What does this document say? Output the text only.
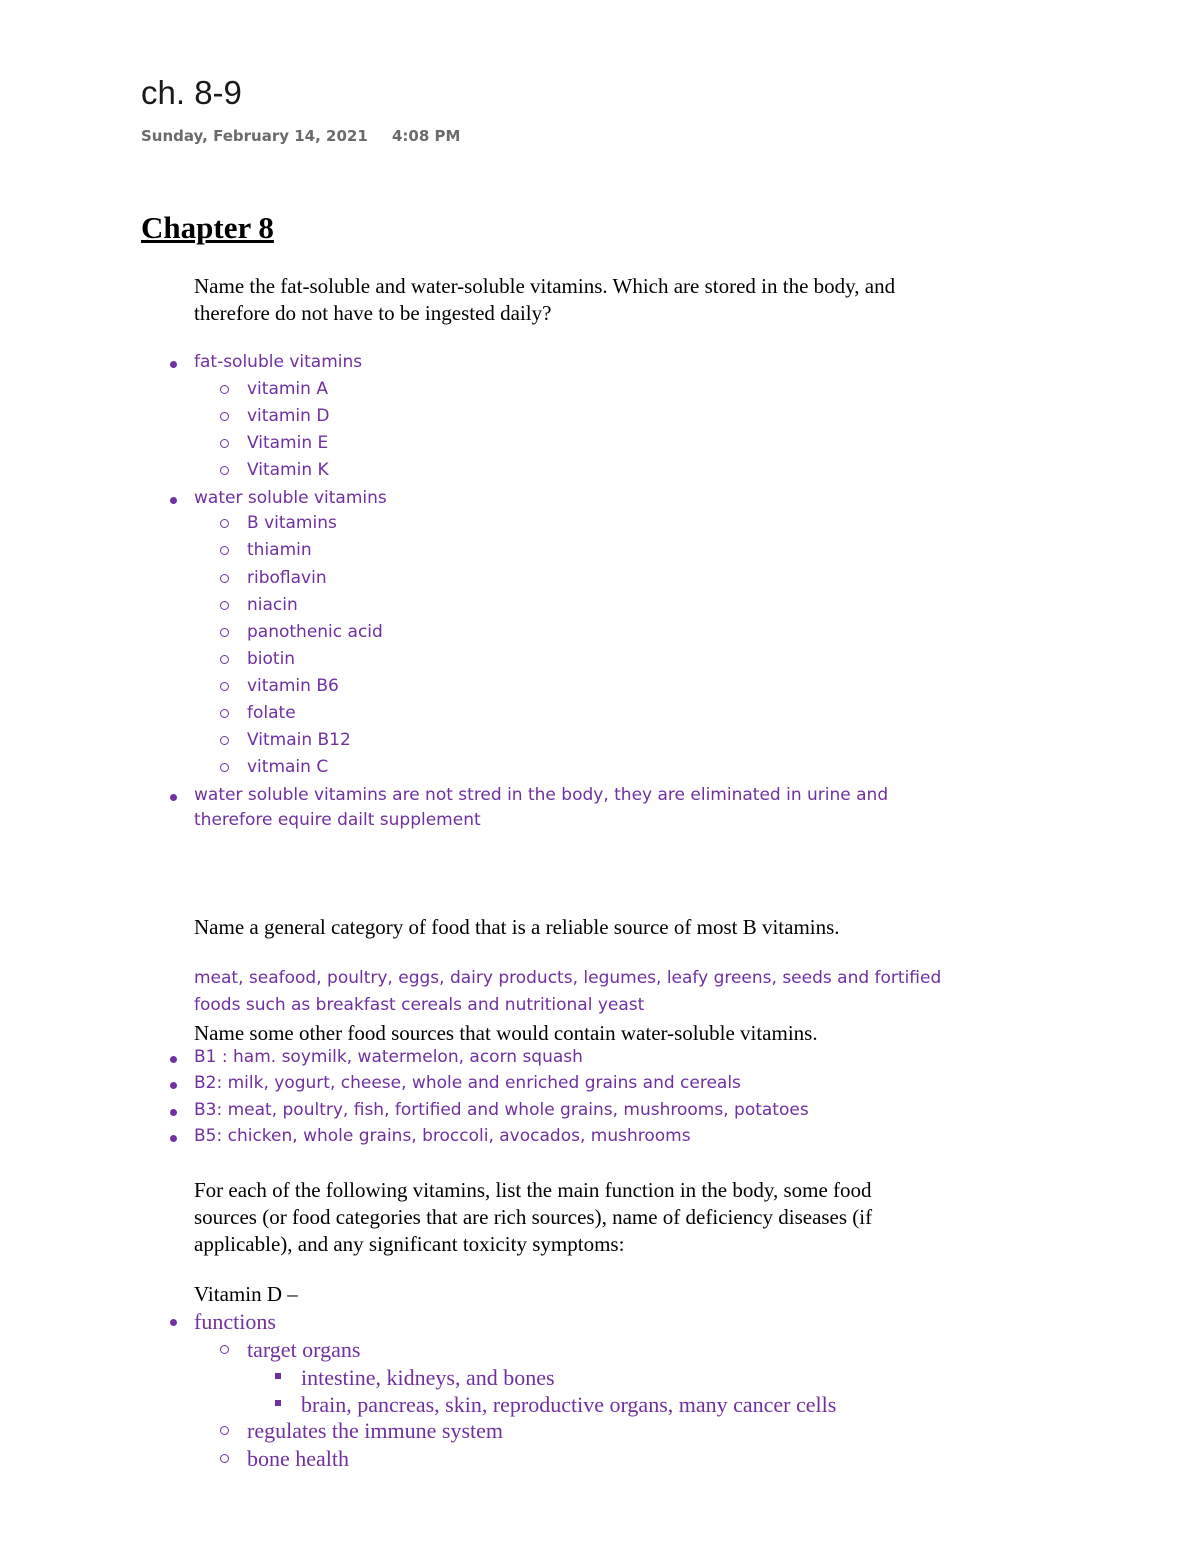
ch. 8-9
Sunday, February 14, 2021 4:08 PM
Chapter 8
Name the fat-soluble and water-soluble vitamins. Which are stored in the body, and
therefore do not have to be ingested daily?
fat-soluble vitamins
vitamin A
vitamin D
Vitamin E
Vitamin K
water soluble vitamins
B vitamins
thiamin
riboflavin
niacin
panothenic acid
biotin
vitamin B6
folate
Vitmain B12
vitmain C
water soluble vitamins are not stred in the body, they are eliminated in urine and
therefore equire dailt supplement
Name a general category of food that is a reliable source of most B vitamins.
meat, seafood, poultry, eggs, dairy products, legumes, leafy greens, seeds and fortified
foods such as breakfast cereals and nutritional yeast
Name some other food sources that would contain water-soluble vitamins.
B1 : ham. soymilk, watermelon, acorn squash
B2: milk, yogurt, cheese, whole and enriched grains and cereals
B3: meat, poultry, fish, fortified and whole grains, mushrooms, potatoes
B5: chicken, whole grains, broccoli, avocados, mushrooms
For each of the following vitamins, list the main function in the body, some food
sources (or food categories that are rich sources), name of deficiency diseases (if
applicable), and any significant toxicity symptoms:
Vitamin D –
functions
target organs
intestine, kidneys, and bones
brain, pancreas, skin, reproductive organs, many cancer cells
regulates the immune system
bone health
